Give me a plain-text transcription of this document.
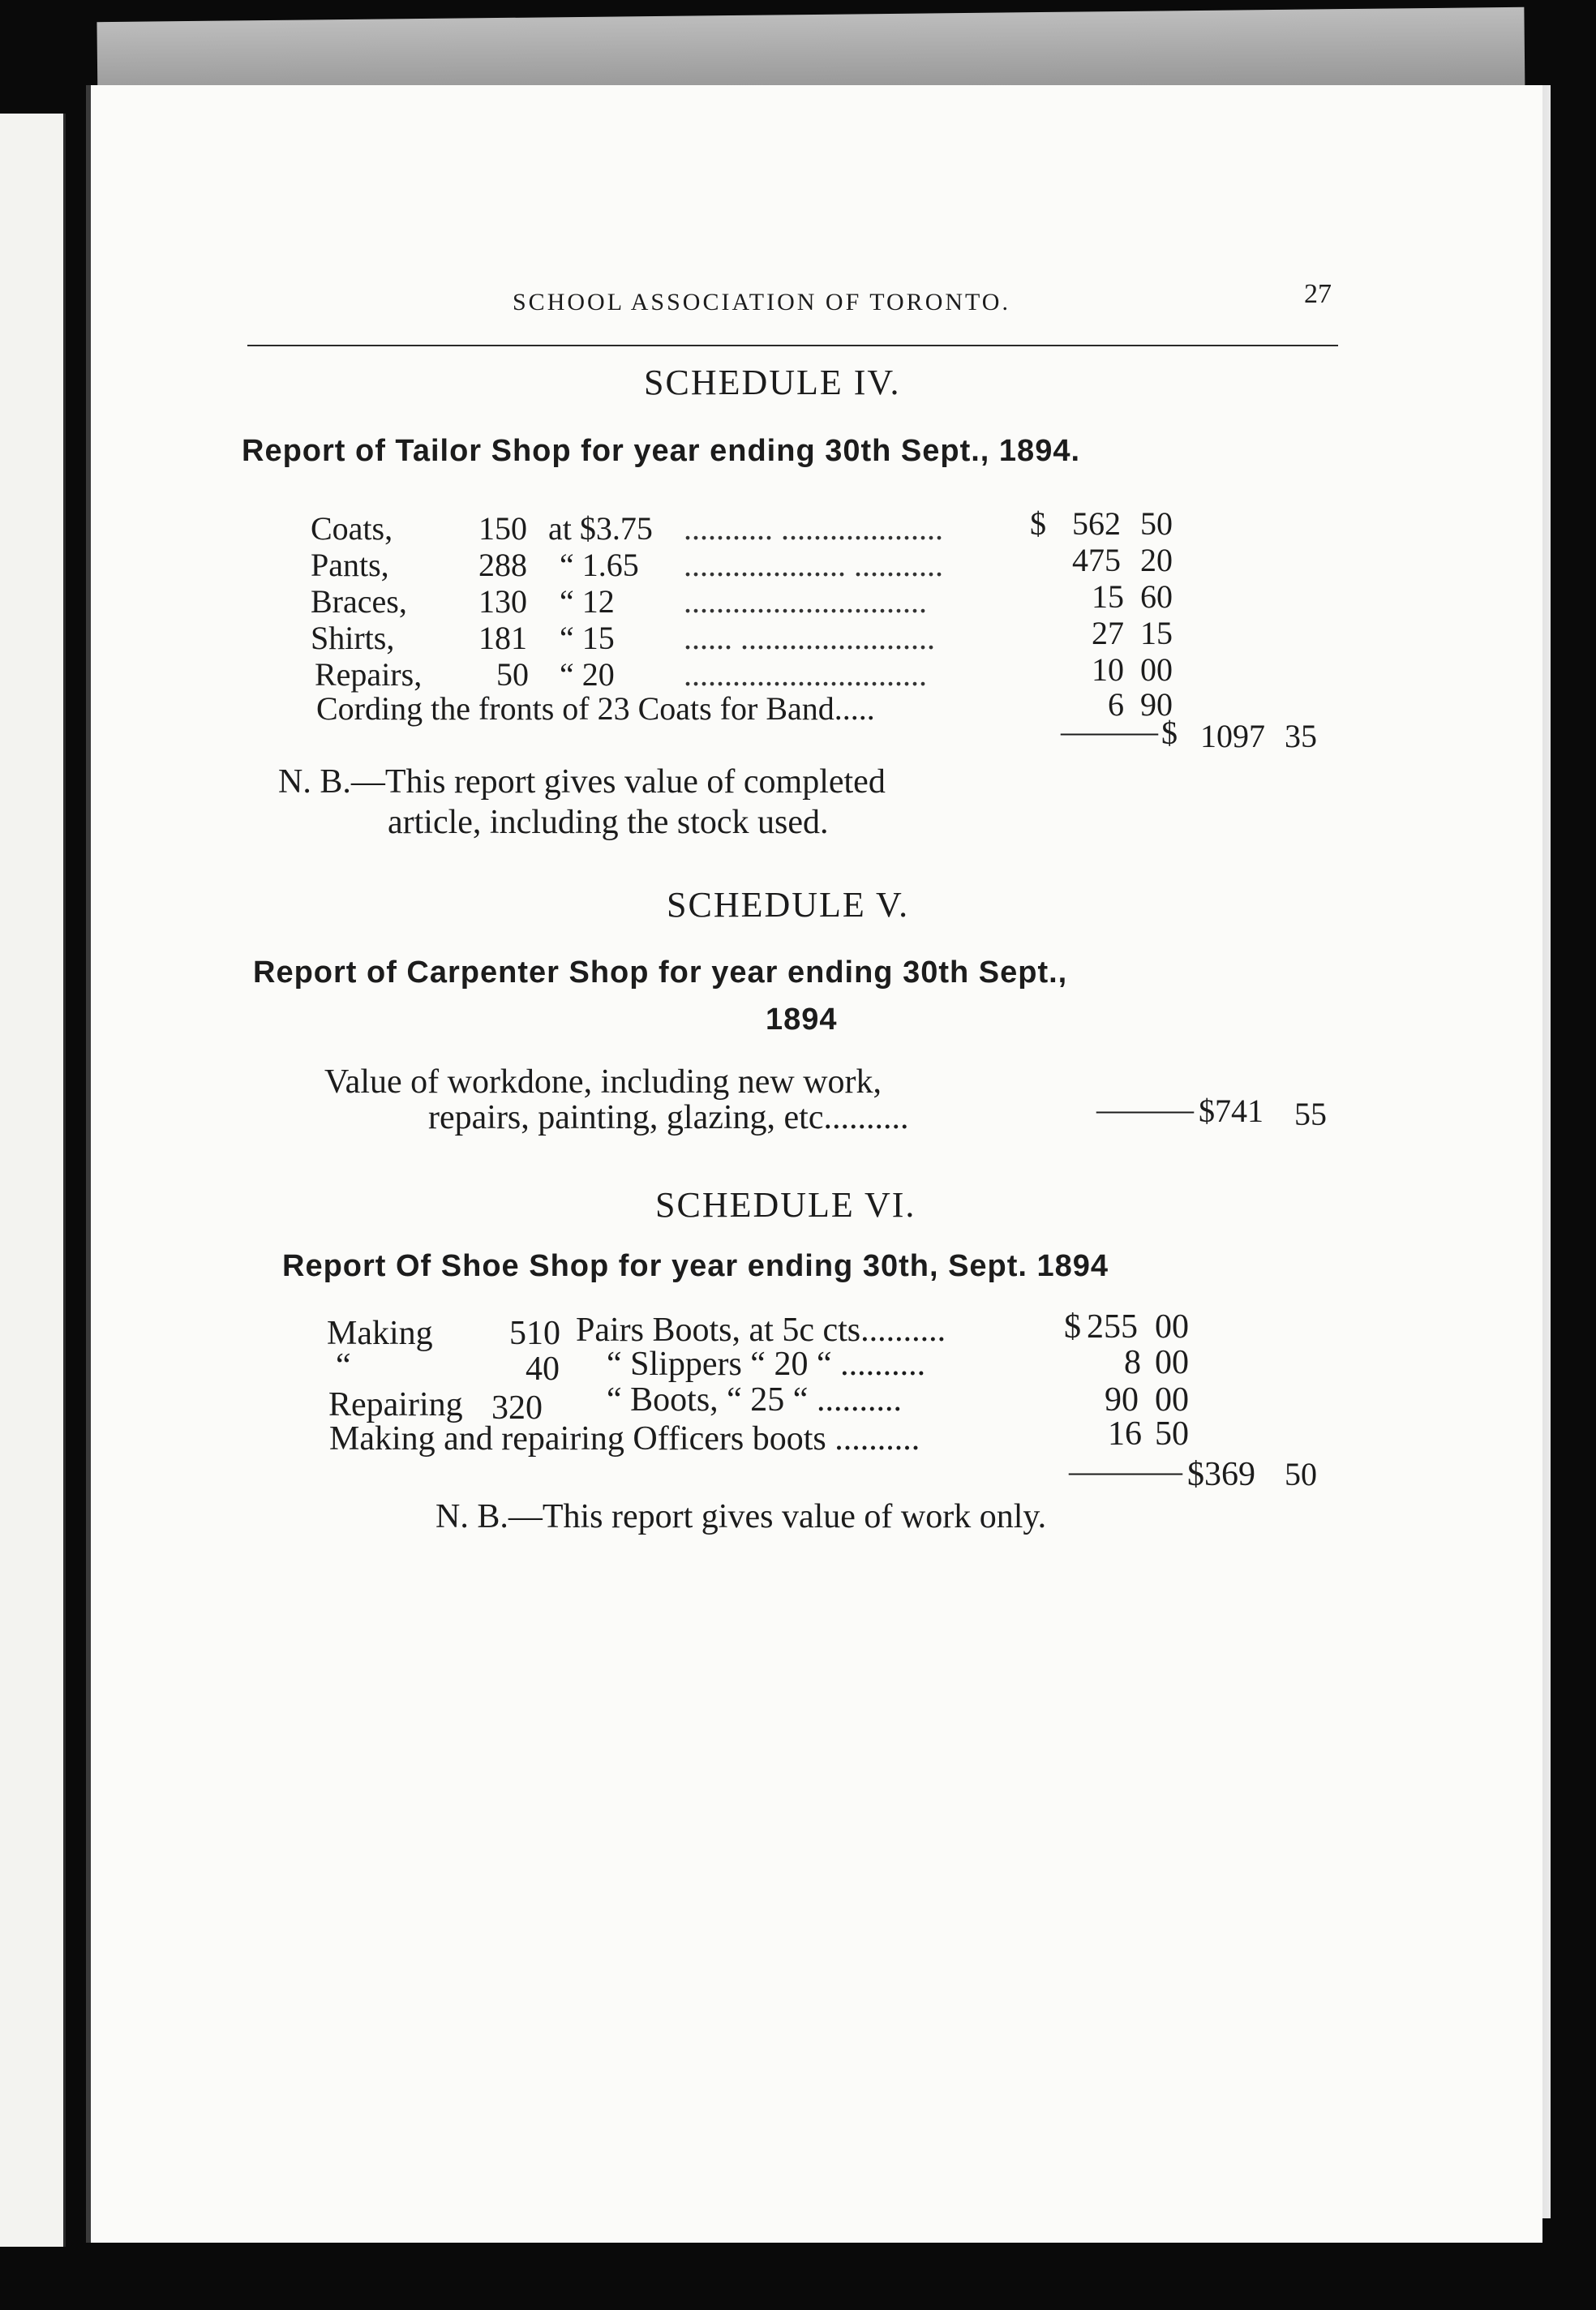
SCHOOL ASSOCIATION OF TORONTO.	27
SCHEDULE IV.
Report of Tailor Shop for year ending 30th Sept., 1894.
Coats,	150 at $3.75 ........... ....................	$ 562 50
Pants,	288 “ 1.65 .................... ...........	475 20
Braces, 130 “ 12 ..............................	15 60
Shirts,	181 “ 15 ...... ........................	27 15
Repairs, 50 “ 20 ..............................	10 00
Cording the fronts of 23 Coats for Band.....	6 90
——— $ 1097 35
N. B.—This report gives value of completed
article, including the stock used.
SCHEDULE V.
Report of Carpenter Shop for year ending 30th Sept.,
1894
Value of workdone, including new work,
repairs, painting, glazing, etc..........	——— $741 55
SCHEDULE VI.
Report Of Shoe Shop for year ending 30th, Sept. 1894
Making 510 Pairs Boots, at 5c cts..........	$ 255 00
“	40 “ Slippers “ 20 “ ..........	8 00
Repairing 320 “ Boots, “ 25 “ ..........	90 00
Making and repairing Officers boots ..........	16 50
———– $369 50
N. B.—This report gives value of work only.
